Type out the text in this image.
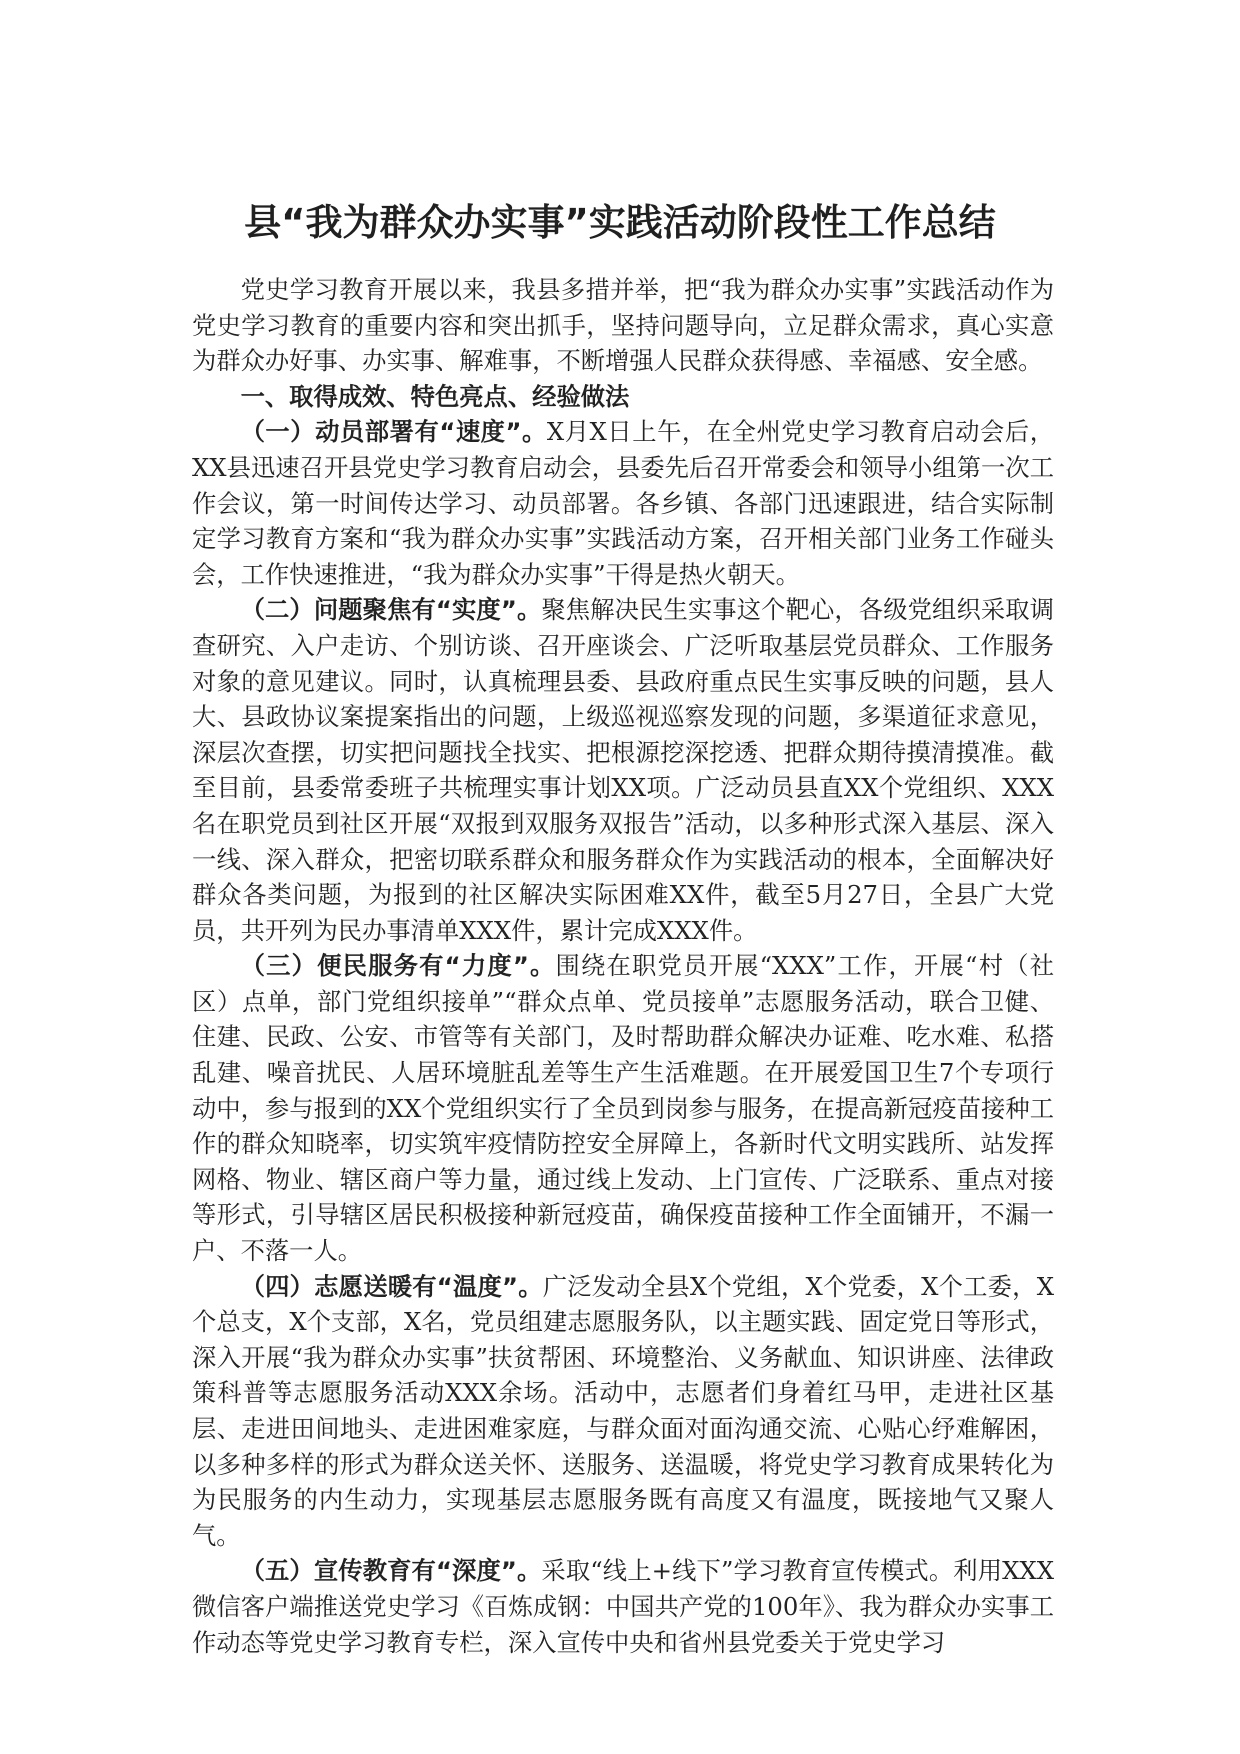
县“我为群众办实事”实践活动阶段性工作总结

党史学习教育开展以来，我县多措并举，把“我为群众办实事”实践活动作为党史学习教育的重要内容和突出抓手，坚持问题导向，立足群众需求，真心实意为群众办好事、办实事、解难事，不断增强人民群众获得感、幸福感、安全感。

一、取得成效、特色亮点、经验做法

（一）动员部署有“速度”。X月X日上午，在全州党史学习教育启动会后，XX县迅速召开县党史学习教育启动会，县委先后召开常委会和领导小组第一次工作会议，第一时间传达学习、动员部署。各乡镇、各部门迅速跟进，结合实际制定学习教育方案和“我为群众办实事”实践活动方案，召开相关部门业务工作碰头会，工作快速推进，“我为群众办实事”干得是热火朝天。

（二）问题聚焦有“实度”。聚焦解决民生实事这个靶心，各级党组织采取调查研究、入户走访、个别访谈、召开座谈会、广泛听取基层党员群众、工作服务对象的意见建议。同时，认真梳理县委、县政府重点民生实事反映的问题，县人大、县政协议案提案指出的问题，上级巡视巡察发现的问题，多渠道征求意见，深层次查摆，切实把问题找全找实、把根源挖深挖透、把群众期待摸清摸准。截至目前，县委常委班子共梳理实事计划XX项。广泛动员县直XX个党组织、XXX名在职党员到社区开展“双报到双服务双报告”活动，以多种形式深入基层、深入一线、深入群众，把密切联系群众和服务群众作为实践活动的根本，全面解决好群众各类问题，为报到的社区解决实际困难XX件，截至5月27日，全县广大党员，共开列为民办事清单XXX件，累计完成XXX件。

（三）便民服务有“力度”。围绕在职党员开展“XXX”工作，开展“村（社区）点单，部门党组织接单”“群众点单、党员接单”志愿服务活动，联合卫健、住建、民政、公安、市管等有关部门，及时帮助群众解决办证难、吃水难、私搭乱建、噪音扰民、人居环境脏乱差等生产生活难题。在开展爱国卫生7个专项行动中，参与报到的XX个党组织实行了全员到岗参与服务，在提高新冠疫苗接种工作的群众知晓率，切实筑牢疫情防控安全屏障上，各新时代文明实践所、站发挥网格、物业、辖区商户等力量，通过线上发动、上门宣传、广泛联系、重点对接等形式，引导辖区居民积极接种新冠疫苗，确保疫苗接种工作全面铺开，不漏一户、不落一人。

（四）志愿送暖有“温度”。广泛发动全县X个党组，X个党委，X个工委，X个总支，X个支部，X名，党员组建志愿服务队，以主题实践、固定党日等形式，深入开展“我为群众办实事”扶贫帮困、环境整治、义务献血、知识讲座、法律政策科普等志愿服务活动XXX余场。活动中，志愿者们身着红马甲，走进社区基层、走进田间地头、走进困难家庭，与群众面对面沟通交流、心贴心纾难解困，以多种多样的形式为群众送关怀、送服务、送温暖，将党史学习教育成果转化为为民服务的内生动力，实现基层志愿服务既有高度又有温度，既接地气又聚人气。

（五）宣传教育有“深度”。采取“线上+线下”学习教育宣传模式。利用XXX微信客户端推送党史学习《百炼成钢：中国共产党的100年》、我为群众办实事工作动态等党史学习教育专栏，深入宣传中央和省州县党委关于党史学习
